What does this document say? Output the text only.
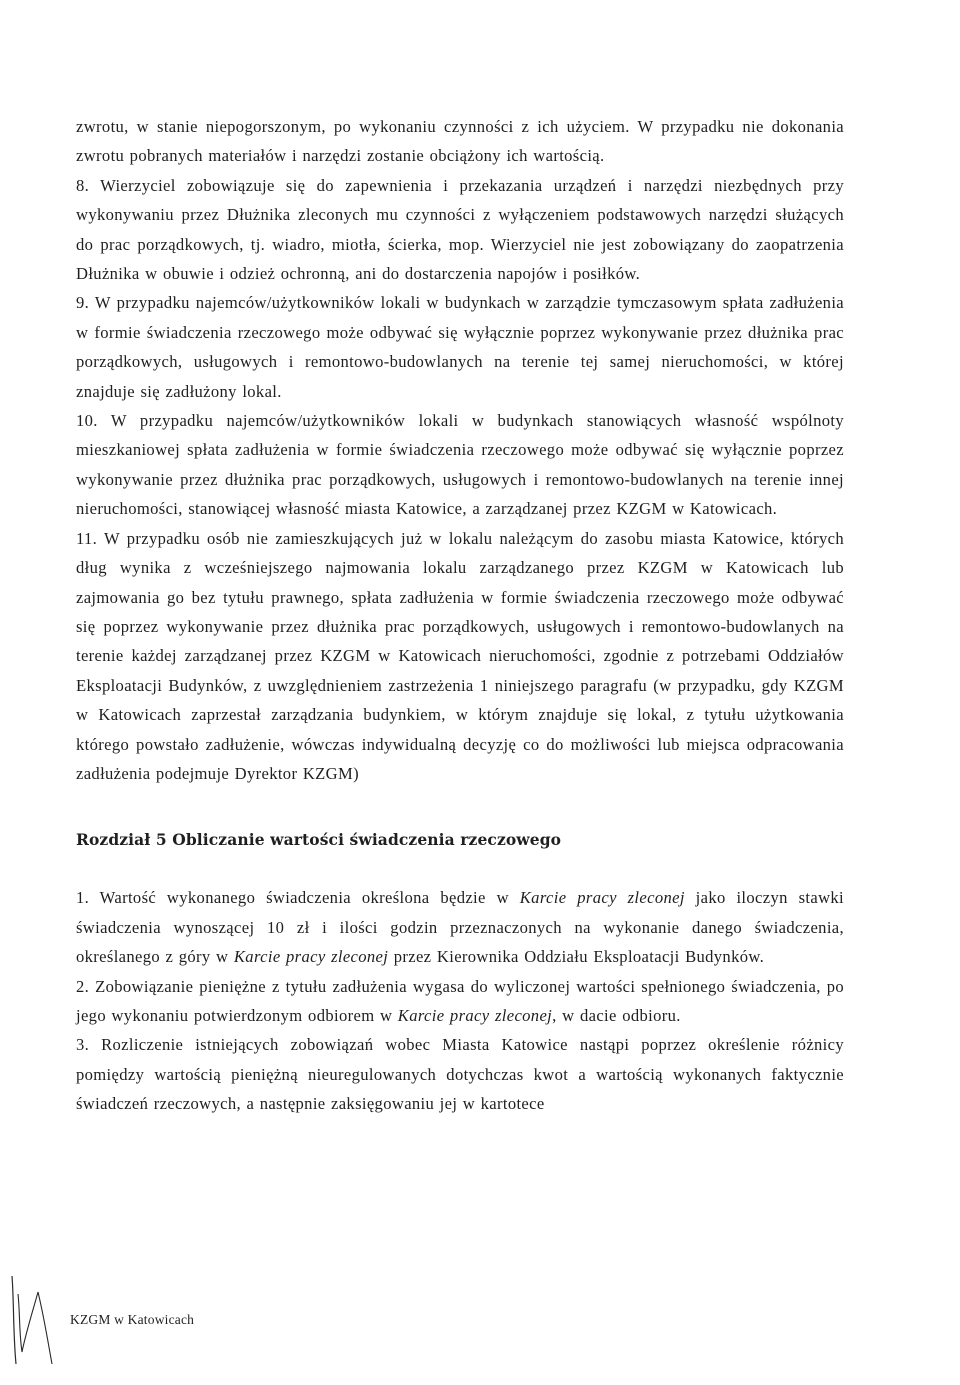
zwrotu, w stanie niepogorszonym, po wykonaniu czynności z ich użyciem. W przypadku nie dokonania zwrotu pobranych materiałów i narzędzi zostanie obciążony ich wartością.

8. Wierzyciel zobowiązuje się do zapewnienia i przekazania urządzeń i narzędzi niezbędnych przy wykonywaniu przez Dłużnika zleconych mu czynności z wyłączeniem podstawowych narzędzi służących do prac porządkowych, tj. wiadro, miotła, ścierka, mop. Wierzyciel nie jest zobowiązany do zaopatrzenia Dłużnika w obuwie i odzież ochronną, ani do dostarczenia napojów i posiłków.

9. W przypadku najemców/użytkowników lokali w budynkach w zarządzie tymczasowym spłata zadłużenia w formie świadczenia rzeczowego może odbywać się wyłącznie poprzez wykonywanie przez dłużnika prac porządkowych, usługowych i remontowo-budowlanych na terenie tej samej nieruchomości, w której znajduje się zadłużony lokal.

10. W przypadku najemców/użytkowników lokali w budynkach stanowiących własność wspólnoty mieszkaniowej spłata zadłużenia w formie świadczenia rzeczowego może odbywać się wyłącznie poprzez wykonywanie przez dłużnika prac porządkowych, usługowych i remontowo-budowlanych na terenie innej nieruchomości, stanowiącej własność miasta Katowice, a zarządzanej przez KZGM w Katowicach.

11. W przypadku osób nie zamieszkujących już w lokalu należącym do zasobu miasta Katowice, których dług wynika z wcześniejszego najmowania lokalu zarządzanego przez KZGM w Katowicach lub zajmowania go bez tytułu prawnego, spłata zadłużenia w formie świadczenia rzeczowego może odbywać się poprzez wykonywanie przez dłużnika prac porządkowych, usługowych i remontowo-budowlanych na terenie każdej zarządzanej przez KZGM w Katowicach nieruchomości, zgodnie z potrzebami Oddziałów Eksploatacji Budynków, z uwzględnieniem zastrzeżenia 1 niniejszego paragrafu (w przypadku, gdy KZGM w Katowicach zaprzestał zarządzania budynkiem, w którym znajduje się lokal, z tytułu użytkowania którego powstało zadłużenie, wówczas indywidualną decyzję co do możliwości lub miejsca odpracowania zadłużenia podejmuje Dyrektor KZGM)

Rozdział 5 Obliczanie wartości świadczenia rzeczowego

1. Wartość wykonanego świadczenia określona będzie w Karcie pracy zleconej jako iloczyn stawki świadczenia wynoszącej 10 zł i ilości godzin przeznaczonych na wykonanie danego świadczenia, określanego z góry w Karcie pracy zleconej przez Kierownika Oddziału Eksploatacji Budynków.

2. Zobowiązanie pieniężne z tytułu zadłużenia wygasa do wyliczonej wartości spełnionego świadczenia, po jego wykonaniu potwierdzonym odbiorem w Karcie pracy zleconej, w dacie odbioru.

3. Rozliczenie istniejących zobowiązań wobec Miasta Katowice nastąpi poprzez określenie różnicy pomiędzy wartością pieniężną nieuregulowanych dotychczas kwot a wartością wykonanych faktycznie świadczeń rzeczowych, a następnie zaksięgowaniu jej w kartotece

KZGM w Katowicach
